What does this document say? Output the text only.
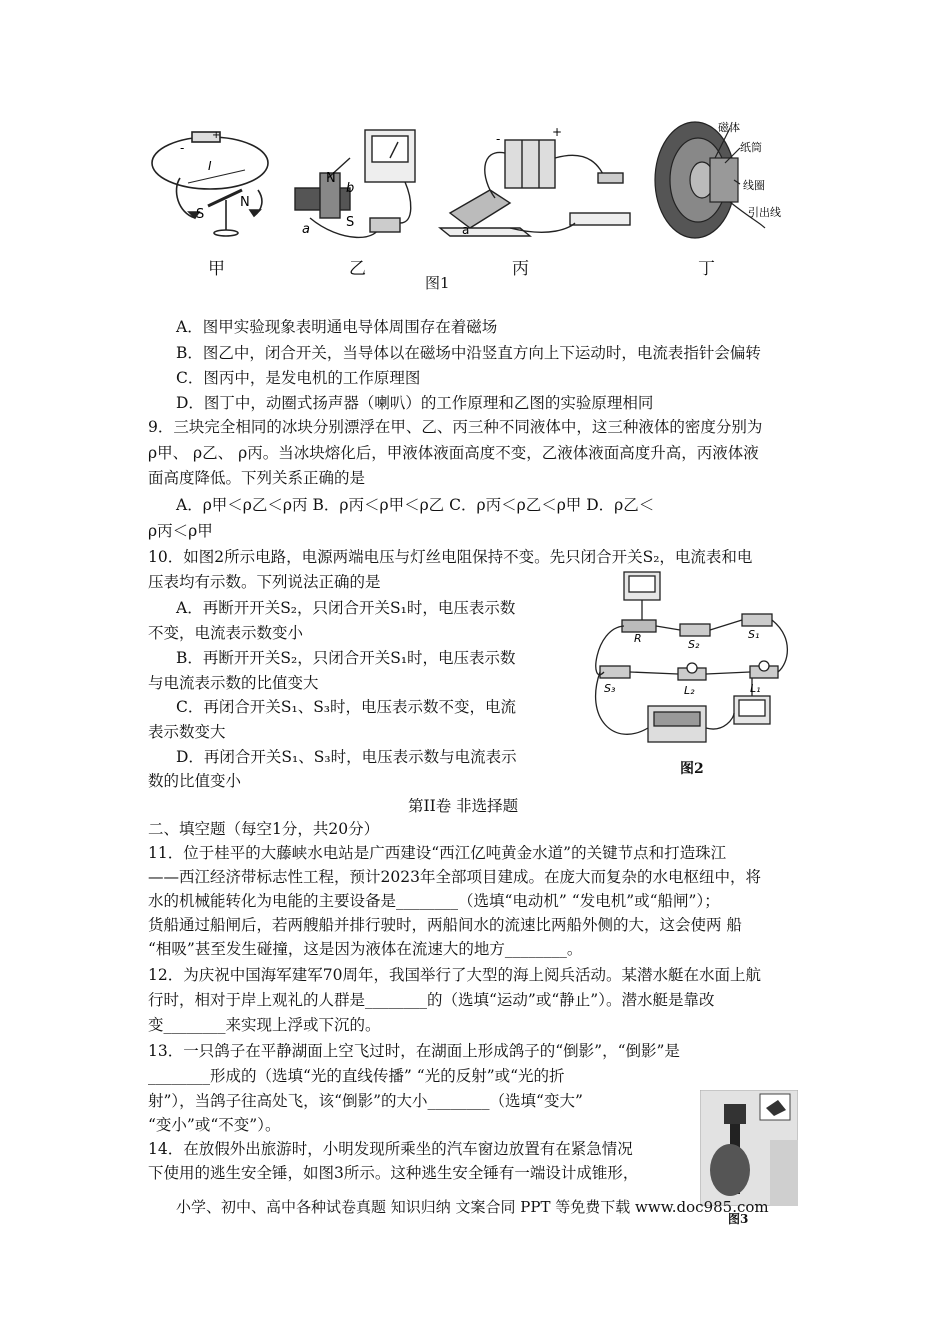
+
-
I
S
N
N
S
a
b
a
-	+	磁体
纸筒
线圈
引出线
甲	乙	丙	丁
图1
A．图甲实验现象表明通电导体周围存在着磁场
B．图乙中，闭合开关，当导体以在磁场中沿竖直方向上下运动时，电流表指针会偏转
C．图丙中，是发电机的工作原理图
D．图丁中，动圈式扬声器（喇叭）的工作原理和乙图的实验原理相同
9．三块完全相同的冰块分别漂浮在甲、乙、丙三种不同液体中，这三种液体的密度分别为
ρ甲、 ρ乙、 ρ丙。当冰块熔化后，甲液体液面高度不变，乙液体液面高度升高，丙液体液
面高度降低。下列关系正确的是
A．ρ甲＜ρ乙＜ρ丙 B．ρ丙＜ρ甲＜ρ乙 C．ρ丙＜ρ乙＜ρ甲 D．ρ乙＜
ρ丙＜ρ甲
10．如图2所示电路，电源两端电压与灯丝电阻保持不变。先只闭合开关S₂，电流表和电
压表均有示数。下列说法正确的是
A．再断开开关S₂，只闭合开关S₁时，电压表示数
不变，电流表示数变小
B．再断开开关S₂，只闭合开关S₁时，电压表示数
与电流表示数的比值变大
C．再闭合开关S₁、S₃时，电压表示数不变，电流
表示数变大
D．再闭合开关S₁、S₃时，电压表示数与电流表示
数的比值变小
R	S₂
S₁
S₃	L₂	L₁
图2
第II卷 非选择题
二、填空题（每空1分，共20分）
11．位于桂平的大藤峡水电站是广西建设“西江亿吨黄金水道”的关键节点和打造珠江
——西江经济带标志性工程，预计2023年全部项目建成。在庞大而复杂的水电枢纽中，将
水的机械能转化为电能的主要设备是________（选填“电动机” “发电机”或“船闸”）；
货船通过船闸后，若两艘船并排行驶时，两船间水的流速比两船外侧的大，这会使两 船
“相吸”甚至发生碰撞，这是因为液体在流速大的地方________。
12．为庆祝中国海军建军70周年，我国举行了大型的海上阅兵活动。某潜水艇在水面上航
行时，相对于岸上观礼的人群是________的（选填“运动”或“静止”）。潜水艇是靠改
变________来实现上浮或下沉的。
13．一只鸽子在平静湖面上空飞过时，在湖面上形成鸽子的“倒影”，“倒影”是
________形成的（选填“光的直线传播” “光的反射”或“光的折
射”），当鸽子往高处飞，该“倒影”的大小________（选填“变大”
“变小”或“不变”）。
14．在放假外出旅游时，小明发现所乘坐的汽车窗边放置有在紧急情况
下使用的逃生安全锤，如图3所示。这种逃生安全锤有一端设计成锥形，
图3
小学、初中、高中各种试卷真题 知识归纳 文案合同 PPT 等免费下载 www.doc985.com
